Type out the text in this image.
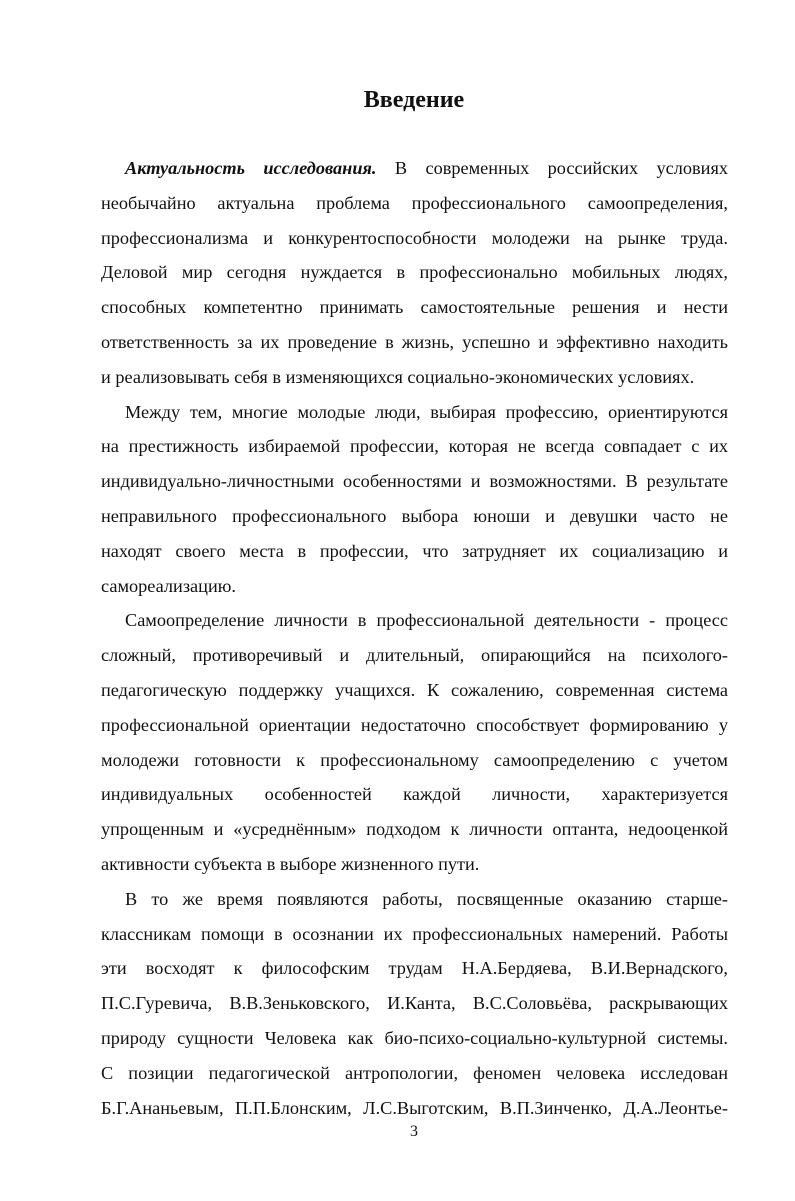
Введение
Актуальность исследования. В современных российских условиях
необычайно актуальна проблема профессионального самоопределения,
профессионализма и конкурентоспособности молодежи на рынке труда.
Деловой мир сегодня нуждается в профессионально мобильных людях,
способных компетентно принимать самостоятельные решения и нести
ответственность за их проведение в жизнь, успешно и эффективно находить
и реализовывать себя в изменяющихся социально-экономических условиях.
Между тем, многие молодые люди, выбирая профессию, ориентируются
на престижность избираемой профессии, которая не всегда совпадает с их
индивидуально-личностными особенностями и возможностями. В результате
неправильного профессионального выбора юноши и девушки часто не
находят своего места в профессии, что затрудняет их социализацию и
самореализацию.
Самоопределение личности в профессиональной деятельности - процесс
сложный, противоречивый и длительный, опирающийся на психолого-
педагогическую поддержку учащихся. К сожалению, современная система
профессиональной ориентации недостаточно способствует формированию у
молодежи готовности к профессиональному самоопределению с учетом
индивидуальных особенностей каждой личности, характеризуется
упрощенным и «усреднённым» подходом к личности оптанта, недооценкой
активности субъекта в выборе жизненного пути.
В то же время появляются работы, посвященные оказанию старше-
классникам помощи в осознании их профессиональных намерений. Работы
эти восходят к философским трудам Н.А.Бердяева, В.И.Вернадского,
П.С.Гуревича, В.В.Зеньковского, И.Канта, В.С.Соловьёва, раскрывающих
природу сущности Человека как био-психо-социально-культурной системы.
С позиции педагогической антропологии, феномен человека исследован
Б.Г.Ананьевым, П.П.Блонским, Л.С.Выготским, В.П.Зинченко, Д.А.Леонтье-
3
